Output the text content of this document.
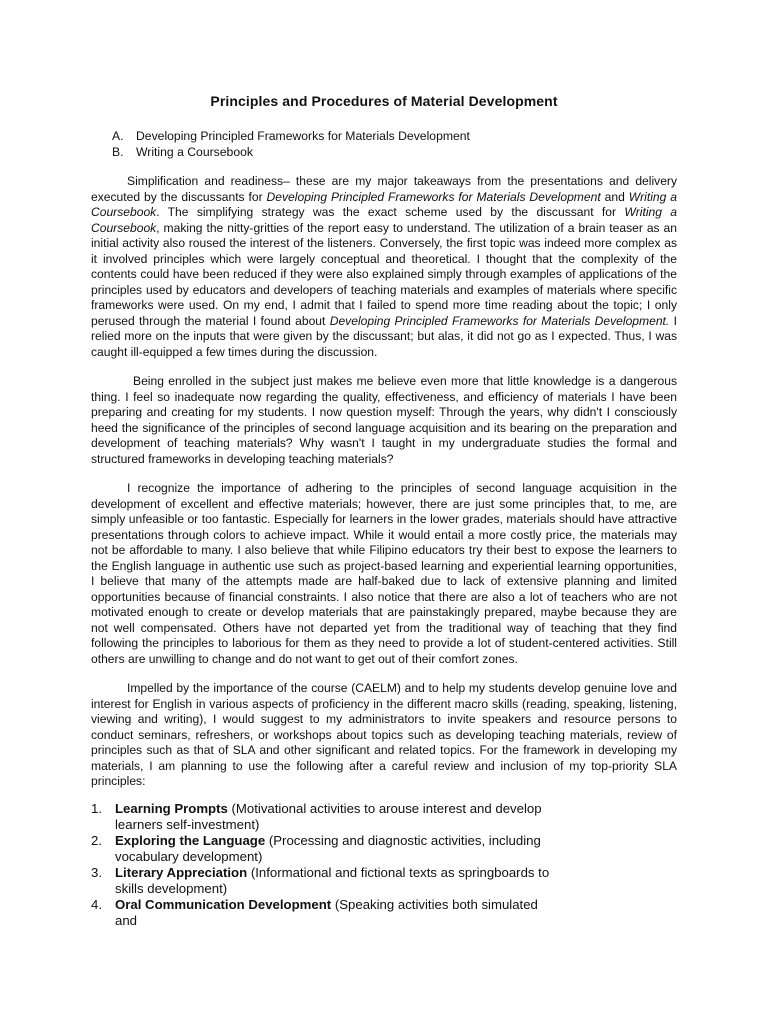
Principles and Procedures of Material Development
A.	Developing Principled Frameworks for Materials Development
B.	Writing a Coursebook

Simplification and readiness– these are my major takeaways from the presentations and delivery executed by the discussants for Developing Principled Frameworks for Materials Development and Writing a Coursebook. The simplifying strategy was the exact scheme used by the discussant for Writing a Coursebook, making the nitty-gritties of the report easy to understand. The utilization of a brain teaser as an initial activity also roused the interest of the listeners. Conversely, the first topic was indeed more complex as it involved principles which were largely conceptual and theoretical. I thought that the complexity of the contents could have been reduced if they were also explained simply through examples of applications of the principles used by educators and developers of teaching materials and examples of materials where specific frameworks were used. On my end, I admit that I failed to spend more time reading about the topic; I only perused through the material I found about Developing Principled Frameworks for Materials Development. I relied more on the inputs that were given by the discussant; but alas, it did not go as I expected. Thus, I was caught ill-equipped a few times during the discussion.

Being enrolled in the subject just makes me believe even more that little knowledge is a dangerous thing. I feel so inadequate now regarding the quality, effectiveness, and efficiency of materials I have been preparing and creating for my students. I now question myself: Through the years, why didn't I consciously heed the significance of the principles of second language acquisition and its bearing on the preparation and development of teaching materials? Why wasn't I taught in my undergraduate studies the formal and structured frameworks in developing teaching materials?

I recognize the importance of adhering to the principles of second language acquisition in the development of excellent and effective materials; however, there are just some principles that, to me, are simply unfeasible or too fantastic. Especially for learners in the lower grades, materials should have attractive presentations through colors to achieve impact. While it would entail a more costly price, the materials may not be affordable to many. I also believe that while Filipino educators try their best to expose the learners to the English language in authentic use such as project-based learning and experiential learning opportunities, I believe that many of the attempts made are half-baked due to lack of extensive planning and limited opportunities because of financial constraints. I also notice that there are also a lot of teachers who are not motivated enough to create or develop materials that are painstakingly prepared, maybe because they are not well compensated. Others have not departed yet from the traditional way of teaching that they find following the principles to laborious for them as they need to provide a lot of student-centered activities. Still others are unwilling to change and do not want to get out of their comfort zones.

Impelled by the importance of the course (CAELM) and to help my students develop genuine love and interest for English in various aspects of proficiency in the different macro skills (reading, speaking, listening, viewing and writing), I would suggest to my administrators to invite speakers and resource persons to conduct seminars, refreshers, or workshops about topics such as developing teaching materials, review of principles such as that of SLA and other significant and related topics. For the framework in developing my materials, I am planning to use the following after a careful review and inclusion of my top-priority SLA principles:

1. Learning Prompts (Motivational activities to arouse interest and develop learners self-investment)
2. Exploring the Language (Processing and diagnostic activities, including vocabulary development)
3. Literary Appreciation (Informational and fictional texts as springboards to skills development)
4. Oral Communication Development (Speaking activities both simulated and
